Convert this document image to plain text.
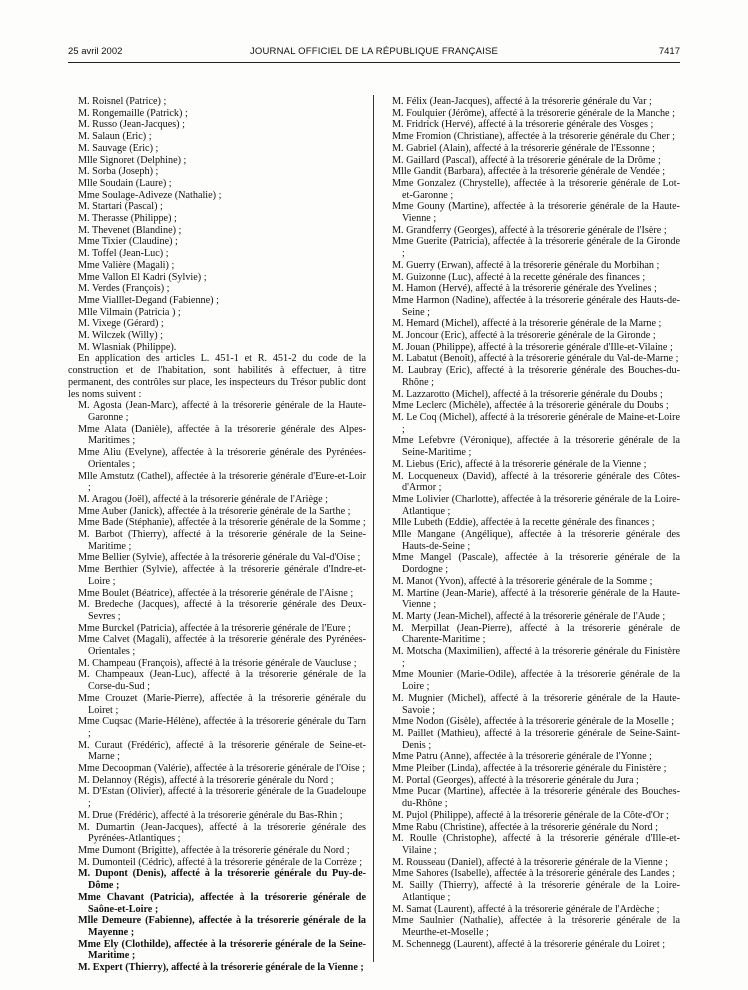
25 avril 2002	JOURNAL OFFICIEL DE LA RÉPUBLIQUE FRANÇAISE	7417
M. Roisnel (Patrice) ;
M. Rongemaille (Patrick) ;
M. Russo (Jean-Jacques) ;
M. Salaun (Eric) ;
M. Sauvage (Eric) ;
Mlle Signoret (Delphine) ;
M. Sorba (Joseph) ;
Mlle Soudain (Laure) ;
Mme Soulage-Adiveze (Nathalie) ;
M. Startari (Pascal) ;
M. Therasse (Philippe) ;
M. Thevenet (Blandine) ;
Mme Tixier (Claudine) ;
M. Toffel (Jean-Luc) ;
Mme Valière (Magali) ;
Mme Vallon El Kadri (Sylvie) ;
M. Verdes (François) ;
Mme Vialllet-Degand (Fabienne) ;
Mlle Vilmain (Patricia ) ;
M. Vixege (Gérard) ;
M. Wilczek (Willy) ;
M. Wlasniak (Philippe).
En application des articles L. 451-1 et R. 451-2 du code de la construction et de l'habitation, sont habilités à effectuer, à titre permanent, des contrôles sur place, les inspecteurs du Trésor public dont les noms suivent :
M. Agosta (Jean-Marc), affecté à la trésorerie générale de la Haute-Garonne ;
Mme Alata (Danièle), affectée à la trésorerie générale des Alpes-Maritimes ;
Mme Aliu (Evelyne), affectée à la trésorerie générale des Pyrénées-Orientales ;
Mlle Amstutz (Cathel), affectée à la trésorerie générale d'Eure-et-Loir ;
M. Aragou (Joël), affecté à la trésorerie générale de l'Ariège ;
Mme Auber (Janick), affectée à la trésorerie générale de la Sarthe ;
Mme Bade (Stéphanie), affectée à la trésorerie générale de la Somme ;
M. Barbot (Thierry), affecté à la trésorerie générale de la Seine-Maritime ;
Mme Bellier (Sylvie), affectée à la trésorerie générale du Val-d'Oise ;
Mme Berthier (Sylvie), affectée à la trésorerie générale d'Indre-et-Loire ;
Mme Boulet (Béatrice), affectée à la trésorerie générale de l'Aisne ;
M. Bredeche (Jacques), affecté à la trésorerie générale des Deux-Sevres ;
Mme Burckel (Patricia), affectée à la trésorerie générale de l'Eure ;
Mme Calvet (Magali), affectée à la trésorerie générale des Pyrénées-Orientales ;
M. Champeau (François), affecté à la trésorie générale de Vaucluse ;
M. Champeaux (Jean-Luc), affecté à la trésorerie générale de la Corse-du-Sud ;
Mme Crouzet (Marie-Pierre), affectée à la trésorerie générale du Loiret ;
Mme Cuqsac (Marie-Hélène), affectée à la trésorerie générale du Tarn ;
M. Curaut (Frédéric), affecté à la trésorerie générale de Seine-et-Marne ;
Mme Decoopman (Valérie), affectée à la trésorerie générale de l'Oise ;
M. Delannoy (Régis), affecté à la trésorerie générale du Nord ;
M. D'Estan (Olivier), affecté à la trésorerie générale de la Guadeloupe ;
M. Drue (Frédéric), affecté à la trésorerie générale du Bas-Rhin ;
M. Dumartin (Jean-Jacques), affecté à la trésorerie générale des Pyrénées-Atlantiques ;
Mme Dumont (Brigitte), affectée à la trésorerie générale du Nord ;
M. Dumonteil (Cédric), affecté à la trésorerie générale de la Corrèze ;
M. Dupont (Denis), affecté à la trésorerie générale du Puy-de-Dôme ;
Mme Chavant (Patricia), affectée à la trésorerie générale de Saône-et-Loire ;
Mlle Demeure (Fabienne), affectée à la trésorerie générale de la Mayenne ;
Mme Ely (Clothilde), affectée à la trésorerie générale de la Seine-Maritime ;
M. Expert (Thierry), affecté à la trésorerie générale de la Vienne ;
M. Félix (Jean-Jacques), affecté à la trésorerie générale du Var ;
M. Foulquier (Jérôme), affecté à la trésorerie générale de la Manche ;
M. Fridrick (Hervé), affecté à la trésorerie générale des Vosges ;
Mme Fromion (Christiane), affectée à la trésorerie générale du Cher ;
M. Gabriel (Alain), affecté à la trésorerie générale de l'Essonne ;
M. Gaillard (Pascal), affecté à la trésorerie générale de la Drôme ;
Mlle Gandit (Barbara), affectée à la trésorerie générale de Vendée ;
Mme Gonzalez (Chrystelle), affectée à la trésorerie générale de Lot-et-Garonne ;
Mme Gouny (Martine), affectée à la trésorerie générale de la Haute-Vienne ;
M. Grandferry (Georges), affecté à la trésorerie générale de l'Isère ;
Mme Guerite (Patricia), affectée à la trésorerie générale de la Gironde ;
M. Guerry (Erwan), affecté à la trésorerie générale du Morbihan ;
M. Guizonne (Luc), affecté à la recette générale des finances ;
M. Hamon (Hervé), affecté à la trésorerie générale des Yvelines ;
Mme Harmon (Nadine), affectée à la trésorerie générale des Hauts-de-Seine ;
M. Hemard (Michel), affecté à la trésorerie générale de la Marne ;
M. Joncour (Eric), affecté à la trésorerie générale de la Gironde ;
M. Jouan (Philippe), affecté à la trésorerie générale d'Ille-et-Vilaine ;
M. Labatut (Benoît), affecté à la trésorerie générale du Val-de-Marne ;
M. Laubray (Eric), affecté à la trésorerie générale des Bouches-du-Rhône ;
M. Lazzarotto (Michel), affecté à la trésorerie générale du Doubs ;
Mme Leclerc (Michèle), affectée à la trésorerie générale du Doubs ;
M. Le Coq (Michel), affecté à la trésorerie générale de Maine-et-Loire ;
Mme Lefebvre (Véronique), affectée à la trésorerie générale de la Seine-Maritime ;
M. Liebus (Eric), affecté à la trésorerie générale de la Vienne ;
M. Locqueneux (David), affecté à la trésorerie générale des Côtes-d'Armor ;
Mme Lolivier (Charlotte), affectée à la trésorerie générale de la Loire-Atlantique ;
Mlle Lubeth (Eddie), affectée à la recette générale des finances ;
Mlle Mangane (Angélique), affectée à la trésorerie générale des Hauts-de-Seine ;
Mme Mangel (Pascale), affectée à la trésorerie générale de la Dordogne ;
M. Manot (Yvon), affecté à la trésorerie générale de la Somme ;
M. Martine (Jean-Marie), affecté à la trésorerie générale de la Haute-Vienne ;
M. Marty (Jean-Michel), affecté à la trésorerie générale de l'Aude ;
M. Merpillat (Jean-Pierre), affecté à la trésorerie générale de Charente-Maritime ;
M. Motscha (Maximilien), affecté à la trésorerie générale du Finistère ;
Mme Mounier (Marie-Odile), affectée à la trésorerie générale de la Loire ;
M. Mugnier (Michel), affecté à la trésorerie générale de la Haute-Savoie ;
Mme Nodon (Gisèle), affectée à la trésorerie générale de la Moselle ;
M. Paillet (Mathieu), affecté à la trésorerie générale de Seine-Saint-Denis ;
Mme Patru (Anne), affectée à la trésorerie générale de l'Yonne ;
Mme Pleiber (Linda), affectée à la trésorerie générale du Finistère ;
M. Portal (Georges), affecté à la trésorerie générale du Jura ;
Mme Pucar (Martine), affectée à la trésorerie générale des Bouches-du-Rhône ;
M. Pujol (Philippe), affecté à la trésorerie générale de la Côte-d'Or ;
Mme Rabu (Christine), affectée à la trésorerie générale du Nord ;
M. Roulle (Christophe), affecté à la trésorerie générale d'Ille-et-Vilaine ;
M. Rousseau (Daniel), affecté à la trésorerie générale de la Vienne ;
Mme Sahores (Isabelle), affectée à la trésorerie générale des Landes ;
M. Sailly (Thierry), affecté à la trésorerie générale de la Loire-Atlantique ;
M. Samat (Laurent), affecté à la trésorerie générale de l'Ardèche ;
Mme Saulnier (Nathalie), affectée à la trésorerie générale de la Meurthe-et-Moselle ;
M. Schennegg (Laurent), affecté à la trésorerie générale du Loiret ;
